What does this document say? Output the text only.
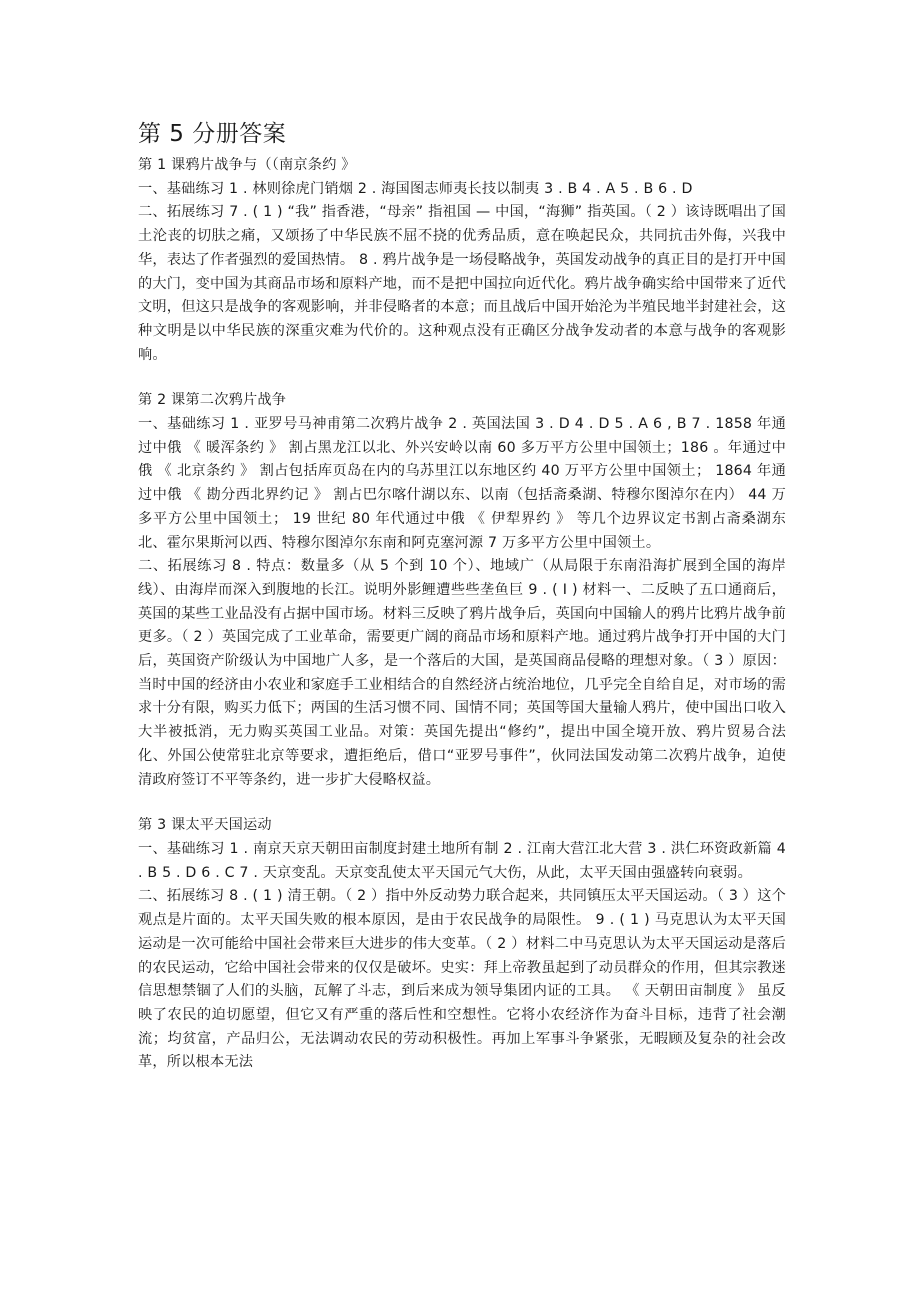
第 5 分册答案

第 1 课鸦片战争与（（南京条约 》

一、基础练习 1 . 林则徐虎门销烟 2 . 海国图志师夷长技以制夷 3 . B 4 . A 5 . B 6 . D

二、拓展练习 7 . ( 1 ) “我” 指香港，“母亲” 指祖国 — 中国，“海狮” 指英国。（ 2 ）该诗既唱出了国土沦丧的切肤之痛，又颂扬了中华民族不屈不挠的优秀品质，意在唤起民众，共同抗击外侮，兴我中华，表达了作者强烈的爱国热情。 8 . 鸦片战争是一场侵略战争，英国发动战争的真正目的是打开中国的大门，变中国为其商品市场和原料产地，而不是把中国拉向近代化。鸦片战争确实给中国带来了近代文明，但这只是战争的客观影响，并非侵略者的本意；而且战后中国开始沦为半殖民地半封建社会，这种文明是以中华民族的深重灾难为代价的。这种观点没有正确区分战争发动者的本意与战争的客观影响。

第 2 课第二次鸦片战争

一、基础练习 1 . 亚罗号马神甫第二次鸦片战争 2 . 英国法国 3 . D 4 . D 5 . A 6 , B 7 . 1858 年通过中俄 《 暖浑条约 》 割占黑龙江以北、外兴安岭以南 60 多万平方公里中国领土；186 。年通过中俄 《 北京条约 》 割占包括库页岛在内的乌苏里江以东地区约 40 万平方公里中国领土； 1864 年通过中俄 《 勘分西北界约记 》 割占巴尔喀什湖以东、以南（包括斋桑湖、特穆尔图淖尔在内） 44 万多平方公里中国领土； 19 世纪 80 年代通过中俄 《 伊犁界约 》 等几个边界议定书割占斋桑湖东北、霍尔果斯河以西、特穆尔图淖尔东南和阿克塞河源 7 万多平方公里中国领土。

二、拓展练习 8 . 特点：数量多（从 5 个到 10 个）、地域广（从局限于东南沿海扩展到全国的海岸线）、由海岸而深入到腹地的长江。说明外影鲤遭些些垄鱼巨 9 . ( I ) 材料一、二反映了五口通商后，英国的某些工业品没有占据中国市场。材料三反映了鸦片战争后，英国向中国输人的鸦片比鸦片战争前更多。（ 2 ）英国完成了工业革命，需要更广阔的商品市场和原料产地。通过鸦片战争打开中国的大门后，英国资产阶级认为中国地广人多，是一个落后的大国，是英国商品侵略的理想对象。（ 3 ）原因：当时中国的经济由小农业和家庭手工业相结合的自然经济占统治地位，几乎完全自给自足，对市场的需求十分有限，购买力低下；两国的生活习惯不同、国情不同；英国等国大量输人鸦片，使中国出口收入大半被抵消，无力购买英国工业品。对策：英国先提出“修约”，提出中国全境开放、鸦片贸易合法化、外国公使常驻北京等要求，遭拒绝后，借口“亚罗号事件”，伙同法国发动第二次鸦片战争，迫使清政府签订不平等条约，进一步扩大侵略权益。

第 3 课太平天国运动

一、基础练习 1 . 南京天京天朝田亩制度封建土地所有制 2 . 江南大营江北大营 3 . 洪仁环资政新篇 4 . B 5 . D 6 . C 7 . 天京变乱。天京变乱使太平天国元气大伤，从此，太平天国由强盛转向衰弱。

二、拓展练习 8 . ( 1 ) 清王朝。（ 2 ）指中外反动势力联合起来，共同镇压太平天国运动。（ 3 ）这个观点是片面的。太平天国失败的根本原因，是由于农民战争的局限性。 9 . ( 1 ) 马克思认为太平天国运动是一次可能给中国社会带来巨大进步的伟大变革。（ 2 ）材料二中马克思认为太平天国运动是落后的农民运动，它给中国社会带来的仅仅是破坏。史实：拜上帝教虽起到了动员群众的作用，但其宗教迷信思想禁锢了人们的头脑，瓦解了斗志，到后来成为领导集团内证的工具。 《 天朝田亩制度 》 虽反映了农民的迫切愿望，但它又有严重的落后性和空想性。它将小农经济作为奋斗目标，违背了社会潮流；均贫富，产品归公，无法调动农民的劳动积极性。再加上军事斗争紧张，无暇顾及复杂的社会改革，所以根本无法
